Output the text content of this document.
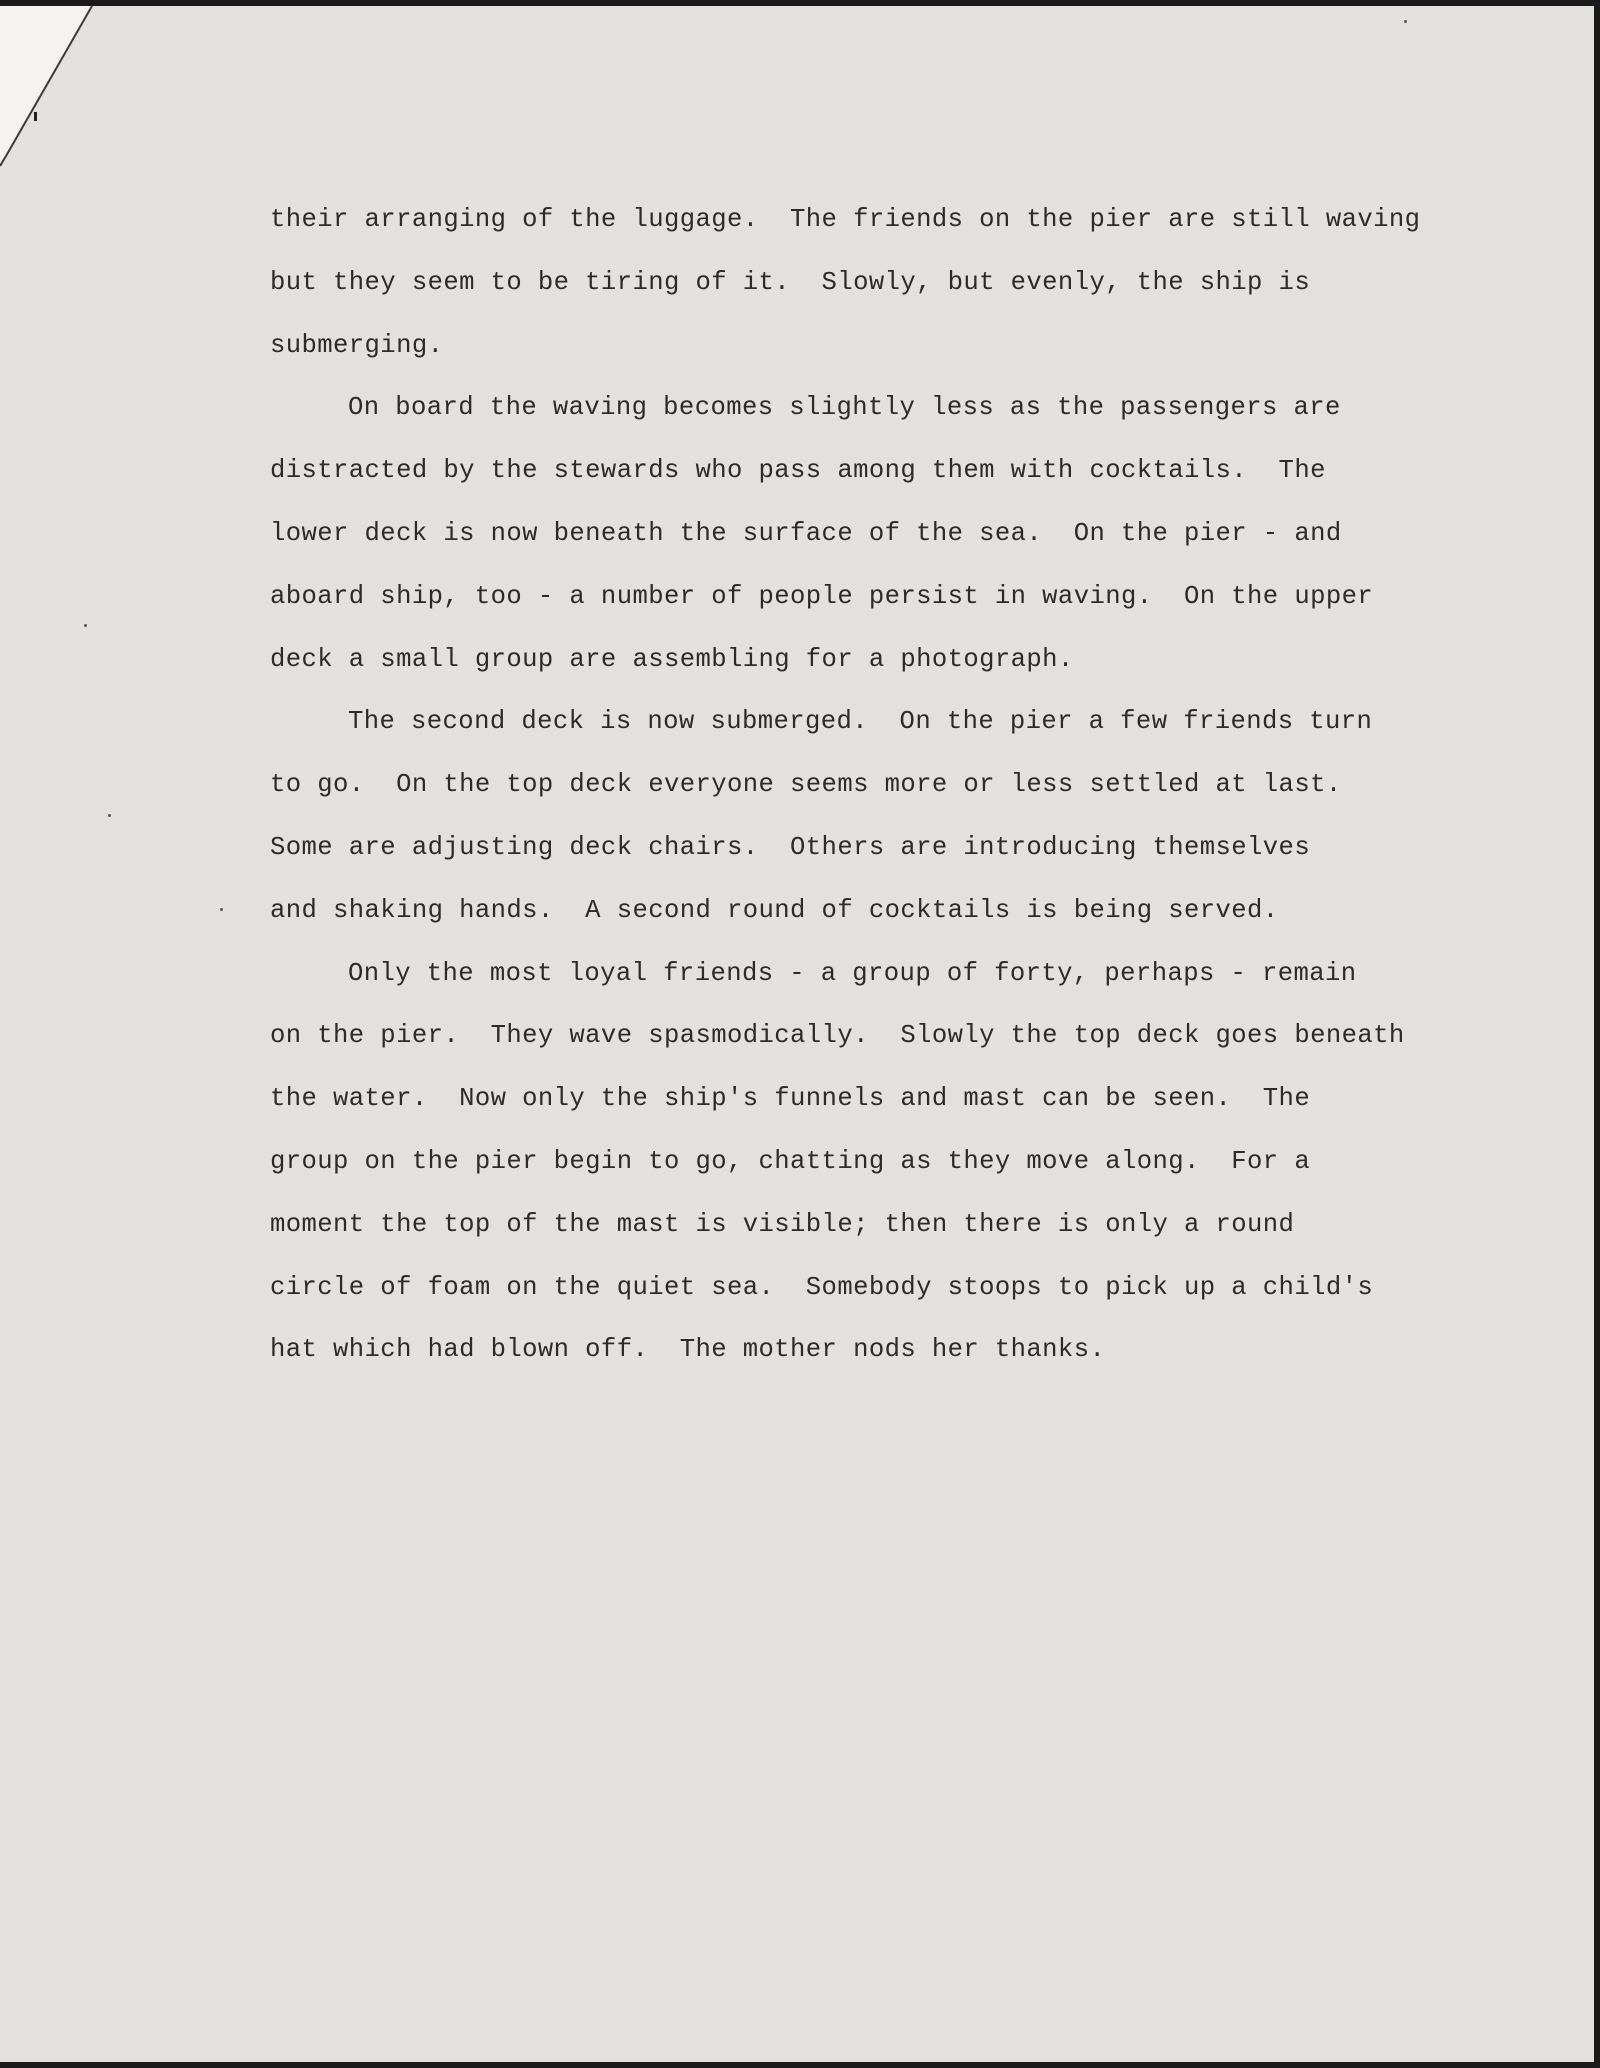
their arranging of the luggage.  The friends on the pier are still waving
but they seem to be tiring of it.  Slowly, but evenly, the ship is
submerging.
On board the waving becomes slightly less as the passengers are
distracted by the stewards who pass among them with cocktails.  The
lower deck is now beneath the surface of the sea.  On the pier - and
aboard ship, too - a number of people persist in waving.  On the upper
deck a small group are assembling for a photograph.
The second deck is now submerged.  On the pier a few friends turn
to go.  On the top deck everyone seems more or less settled at last.
Some are adjusting deck chairs.  Others are introducing themselves
and shaking hands.  A second round of cocktails is being served.
Only the most loyal friends - a group of forty, perhaps - remain
on the pier.  They wave spasmodically.  Slowly the top deck goes beneath
the water.  Now only the ship's funnels and mast can be seen.  The
group on the pier begin to go, chatting as they move along.  For a
moment the top of the mast is visible; then there is only a round
circle of foam on the quiet sea.  Somebody stoops to pick up a child's
hat which had blown off.  The mother nods her thanks.
